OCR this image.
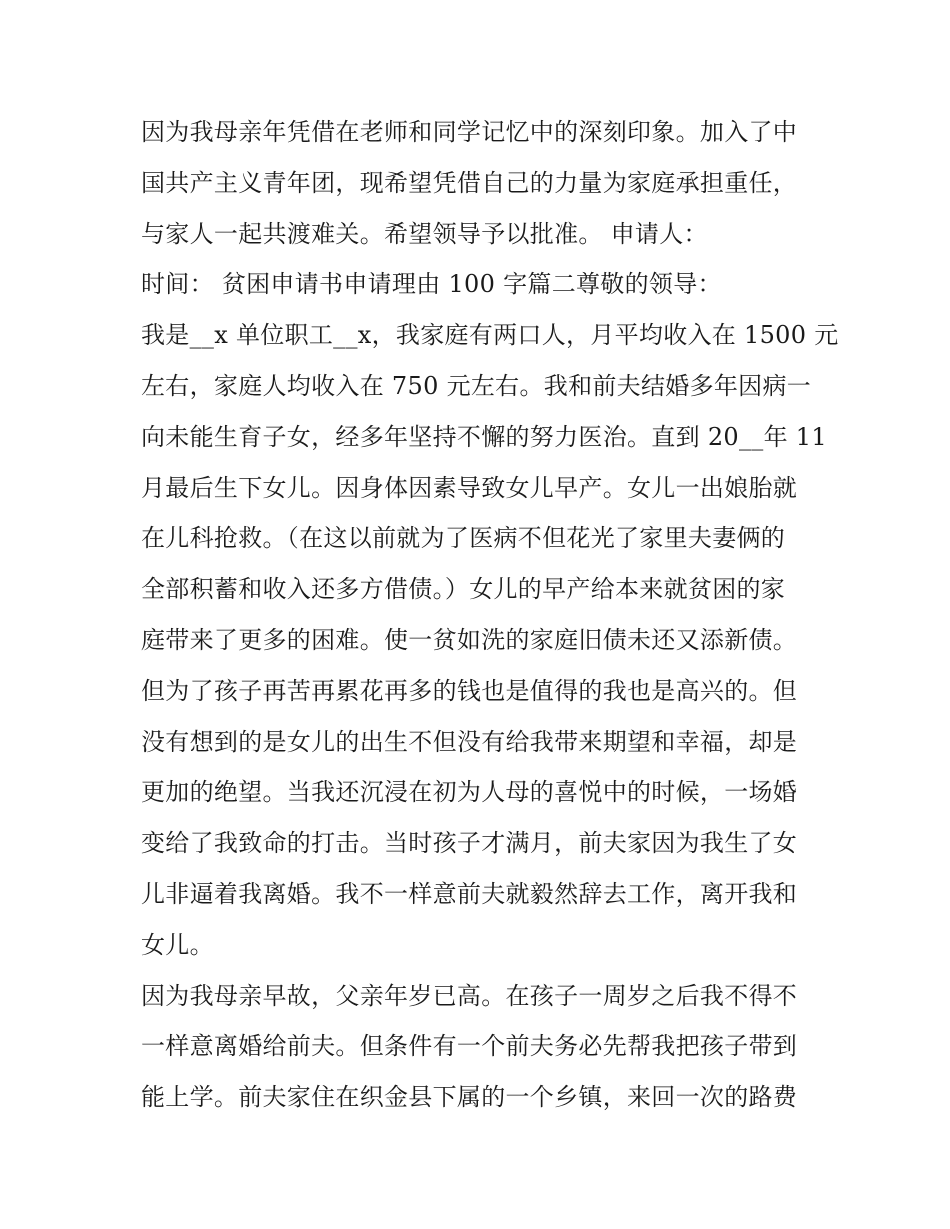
因为我母亲年凭借在老师和同学记忆中的深刻印象。加入了中
国共产主义青年团，现希望凭借自己的力量为家庭承担重任，
与家人一起共渡难关。希望领导予以批准。 申请人：
时间： 贫困申请书申请理由 100 字篇二尊敬的领导：
我是__x 单位职工__x，我家庭有两口人，月平均收入在 1500 元
左右，家庭人均收入在 750 元左右。我和前夫结婚多年因病一
向未能生育子女，经多年坚持不懈的努力医治。直到 20__年 11
月最后生下女儿。因身体因素导致女儿早产。女儿一出娘胎就
在儿科抢救。（在这以前就为了医病不但花光了家里夫妻俩的
全部积蓄和收入还多方借债。）女儿的早产给本来就贫困的家
庭带来了更多的困难。使一贫如洗的家庭旧债未还又添新债。
但为了孩子再苦再累花再多的钱也是值得的我也是高兴的。但
没有想到的是女儿的出生不但没有给我带来期望和幸福，却是
更加的绝望。当我还沉浸在初为人母的喜悦中的时候，一场婚
变给了我致命的打击。当时孩子才满月，前夫家因为我生了女
儿非逼着我离婚。我不一样意前夫就毅然辞去工作，离开我和
女儿。
因为我母亲早故，父亲年岁已高。在孩子一周岁之后我不得不
一样意离婚给前夫。但条件有一个前夫务必先帮我把孩子带到
能上学。前夫家住在织金县下属的一个乡镇，来回一次的路费
